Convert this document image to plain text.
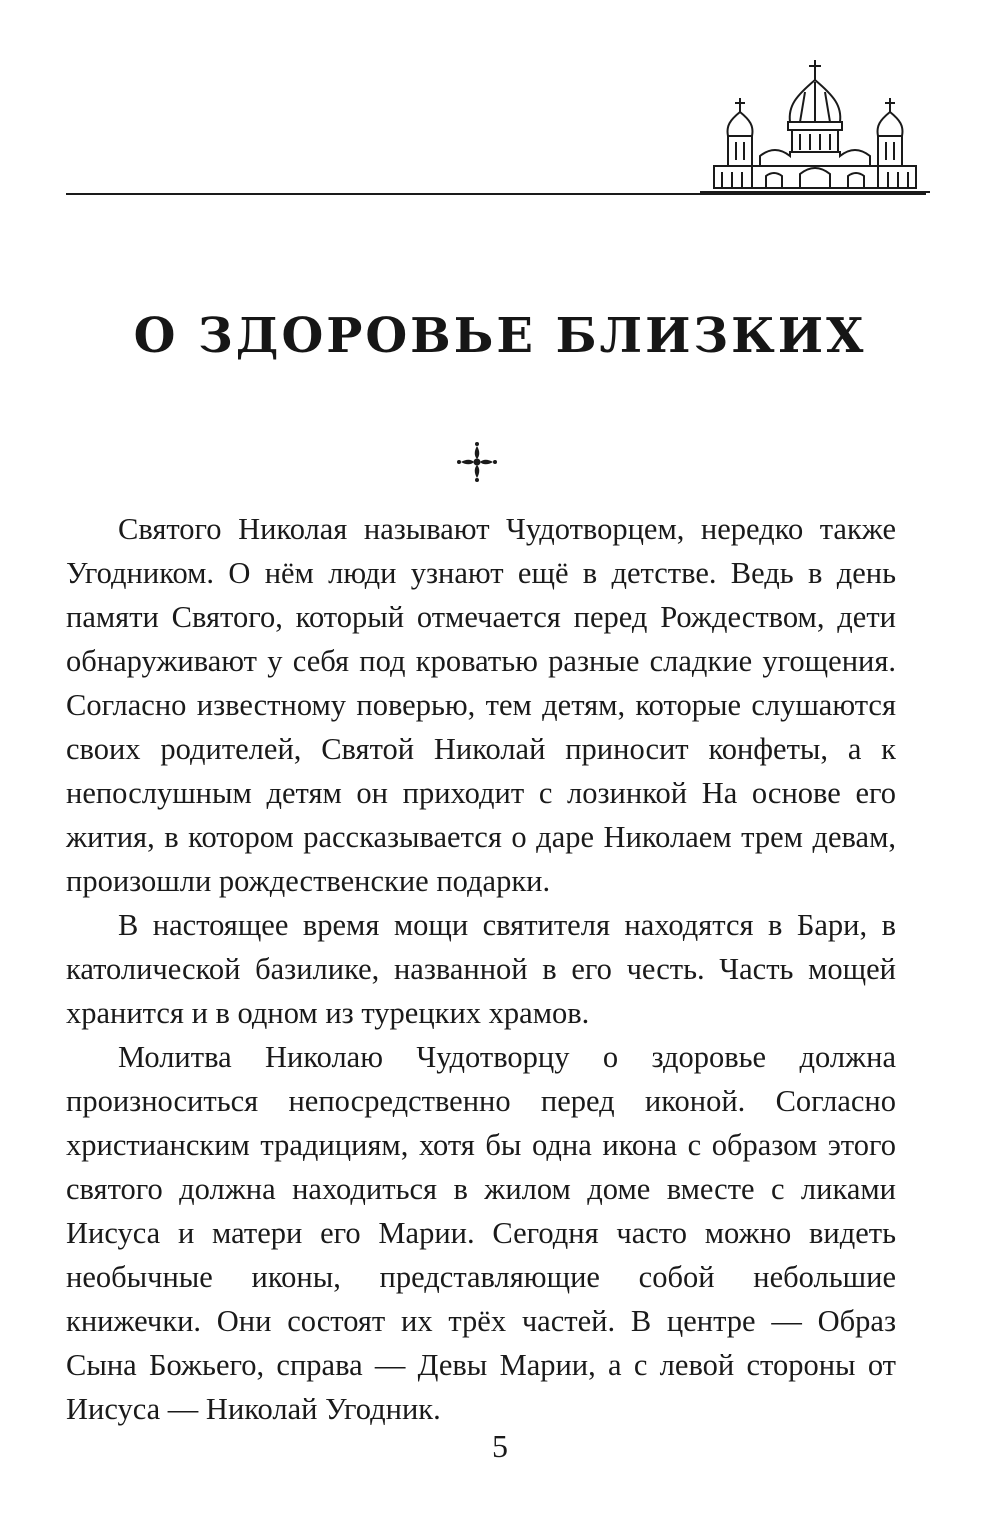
О ЗДОРОВЬЕ БЛИЗКИХ

Святого Николая называют Чудотворцем, нередко также Угодником. О нём люди узнают ещё в детстве. Ведь в день памяти Святого, который отмечается перед Рождеством, дети обнаруживают у себя под кроватью разные сладкие угощения. Согласно известному поверью, тем детям, которые слушаются своих родителей, Святой Николай приносит конфеты, а к непослушным детям он приходит с лозинкой На основе его жития, в котором рассказывается о даре Николаем трем девам, произошли рождественские подарки.

В настоящее время мощи святителя находятся в Бари, в католической базилике, названной в его честь. Часть мощей хранится и в одном из турецких храмов.

Молитва Николаю Чудотворцу о здоровье должна произноситься непосредственно перед иконой. Согласно христианским традициям, хотя бы одна икона с образом этого святого должна находиться в жилом доме вместе с ликами Иисуса и матери его Марии. Сегодня часто можно видеть необычные иконы, представляющие собой небольшие книжечки. Они состоят их трёх частей. В центре — Образ Сына Божьего, справа — Девы Марии, а с левой стороны от Иисуса — Николай Угодник.

5
